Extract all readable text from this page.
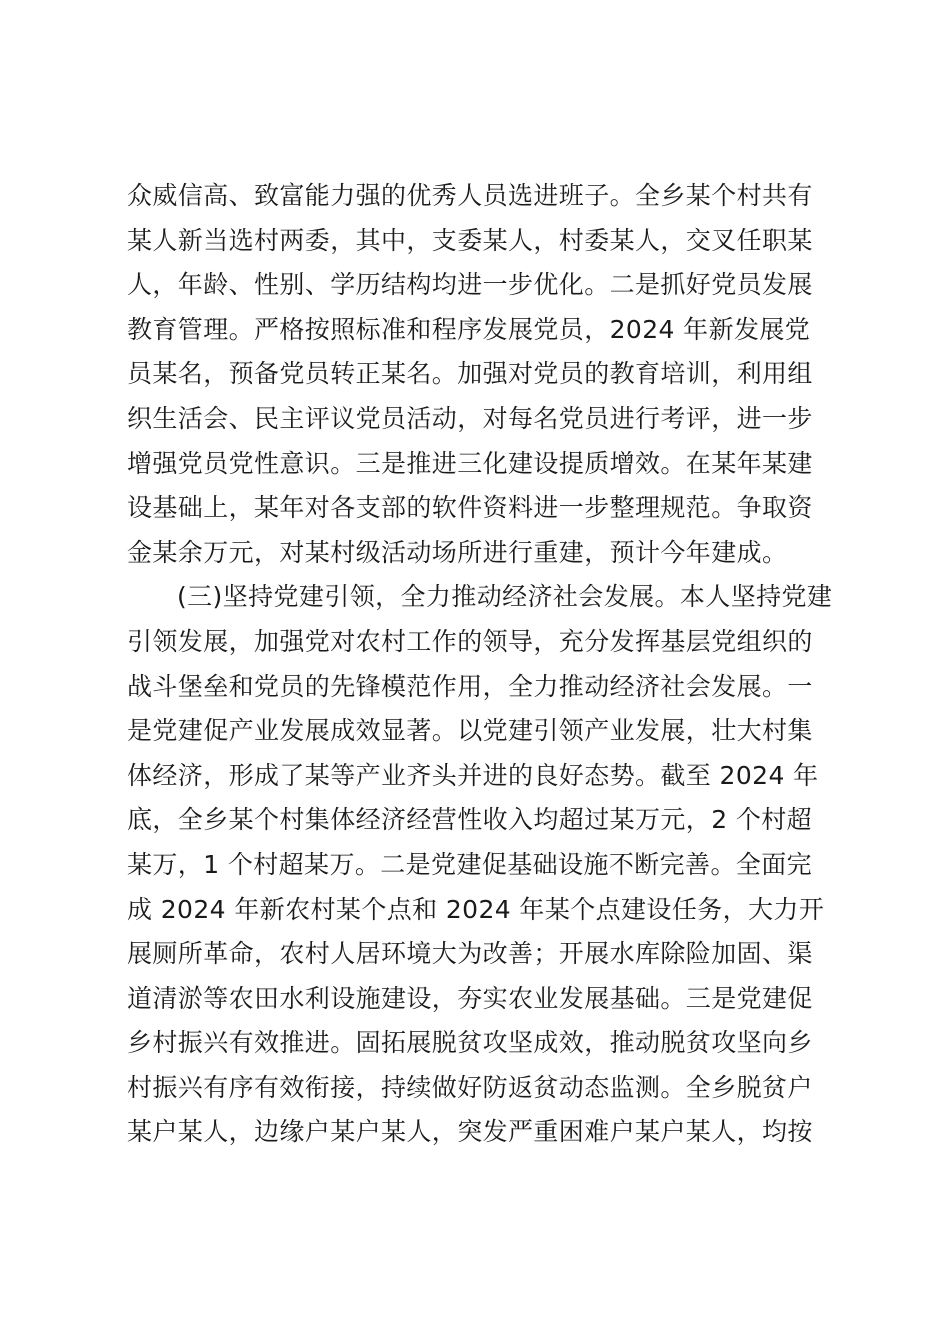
众威信高、致富能力强的优秀人员选进班子。全乡某个村共有
某人新当选村两委，其中，支委某人，村委某人，交叉任职某
人，年龄、性别、学历结构均进一步优化。二是抓好党员发展
教育管理。严格按照标准和程序发展党员，2024 年新发展党
员某名，预备党员转正某名。加强对党员的教育培训，利用组
织生活会、民主评议党员活动，对每名党员进行考评，进一步
增强党员党性意识。三是推进三化建设提质增效。在某年某建
设基础上，某年对各支部的软件资料进一步整理规范。争取资
金某余万元，对某村级活动场所进行重建，预计今年建成。
(三)坚持党建引领，全力推动经济社会发展。本人坚持党建
引领发展，加强党对农村工作的领导，充分发挥基层党组织的
战斗堡垒和党员的先锋模范作用，全力推动经济社会发展。一
是党建促产业发展成效显著。以党建引领产业发展，壮大村集
体经济，形成了某等产业齐头并进的良好态势。截至 2024 年
底，全乡某个村集体经济经营性收入均超过某万元，2 个村超
某万，1 个村超某万。二是党建促基础设施不断完善。全面完
成 2024 年新农村某个点和 2024 年某个点建设任务，大力开
展厕所革命，农村人居环境大为改善；开展水库除险加固、渠
道清淤等农田水利设施建设，夯实农业发展基础。三是党建促
乡村振兴有效推进。固拓展脱贫攻坚成效，推动脱贫攻坚向乡
村振兴有序有效衔接，持续做好防返贫动态监测。全乡脱贫户
某户某人，边缘户某户某人，突发严重困难户某户某人，均按
